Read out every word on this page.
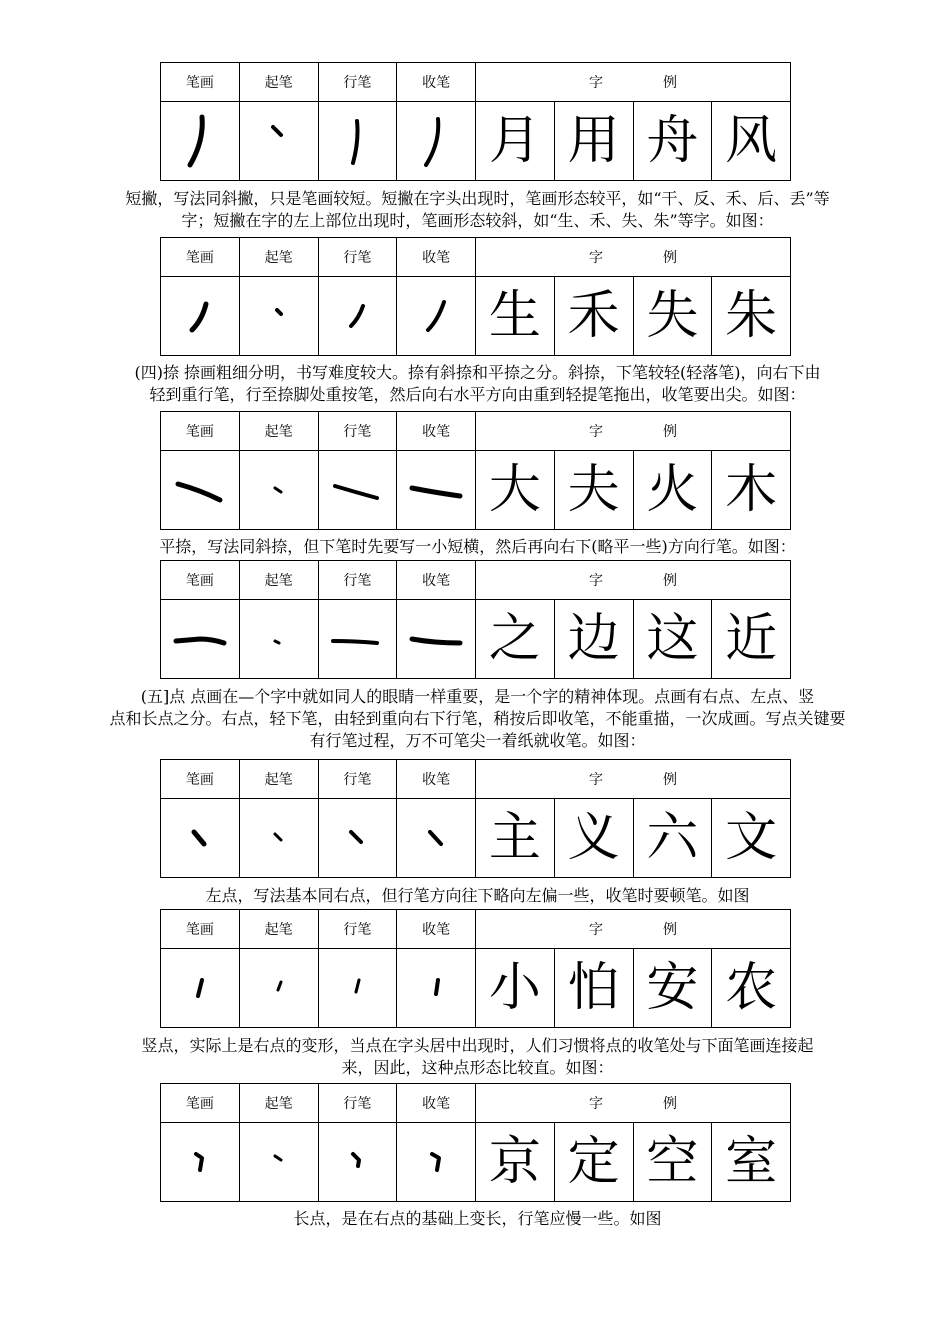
笔画	起笔	行笔	收笔	字 例			

	月	用	舟	风
短撇，写法同斜撇，只是笔画较短。短撇在字头出现时，笔画形态较平，如“干、反、禾、后、丢”等
字；短撇在字的左上部位出现时，笔画形态较斜，如“生、禾、失、朱”等字。如图：
笔画	起笔	行笔	收笔	字 例			

	生	禾	失	朱
(四)捺 捺画粗细分明，书写难度较大。捺有斜捺和平捺之分。斜捺，下笔较轻(轻落笔)，向右下由
轻到重行笔，行至捺脚处重按笔，然后向右水平方向由重到轻提笔拖出，收笔要出尖。如图：
笔画	起笔	行笔	收笔	字 例			

	大	夫	火	木
平捺，写法同斜捺，但下笔时先要写一小短横，然后再向右下(略平一些)方向行笔。如图：
笔画	起笔	行笔	收笔	字 例			

	之	边	这	近
(五]点 点画在—个字中就如同人的眼睛一样重要，是一个字的精神体现。点画有右点、左点、竖
点和长点之分。右点，轻下笔，由轻到重向右下行笔，稍按后即收笔，不能重描，一次成画。写点关键要
有行笔过程，万不可笔尖一着纸就收笔。如图：
笔画	起笔	行笔	收笔	字 例			

	主	义	六	文
左点，写法基本同右点，但行笔方向往下略向左偏一些，收笔时要顿笔。如图
笔画	起笔	行笔	收笔	字 例			

	小	怕	安	农
竖点，实际上是右点的变形，当点在字头居中出现时，人们习惯将点的收笔处与下面笔画连接起
来，因此，这种点形态比较直。如图：
笔画	起笔	行笔	收笔	字 例			

	京	定	空	室
长点，是在右点的基础上变长，行笔应慢一些。如图
